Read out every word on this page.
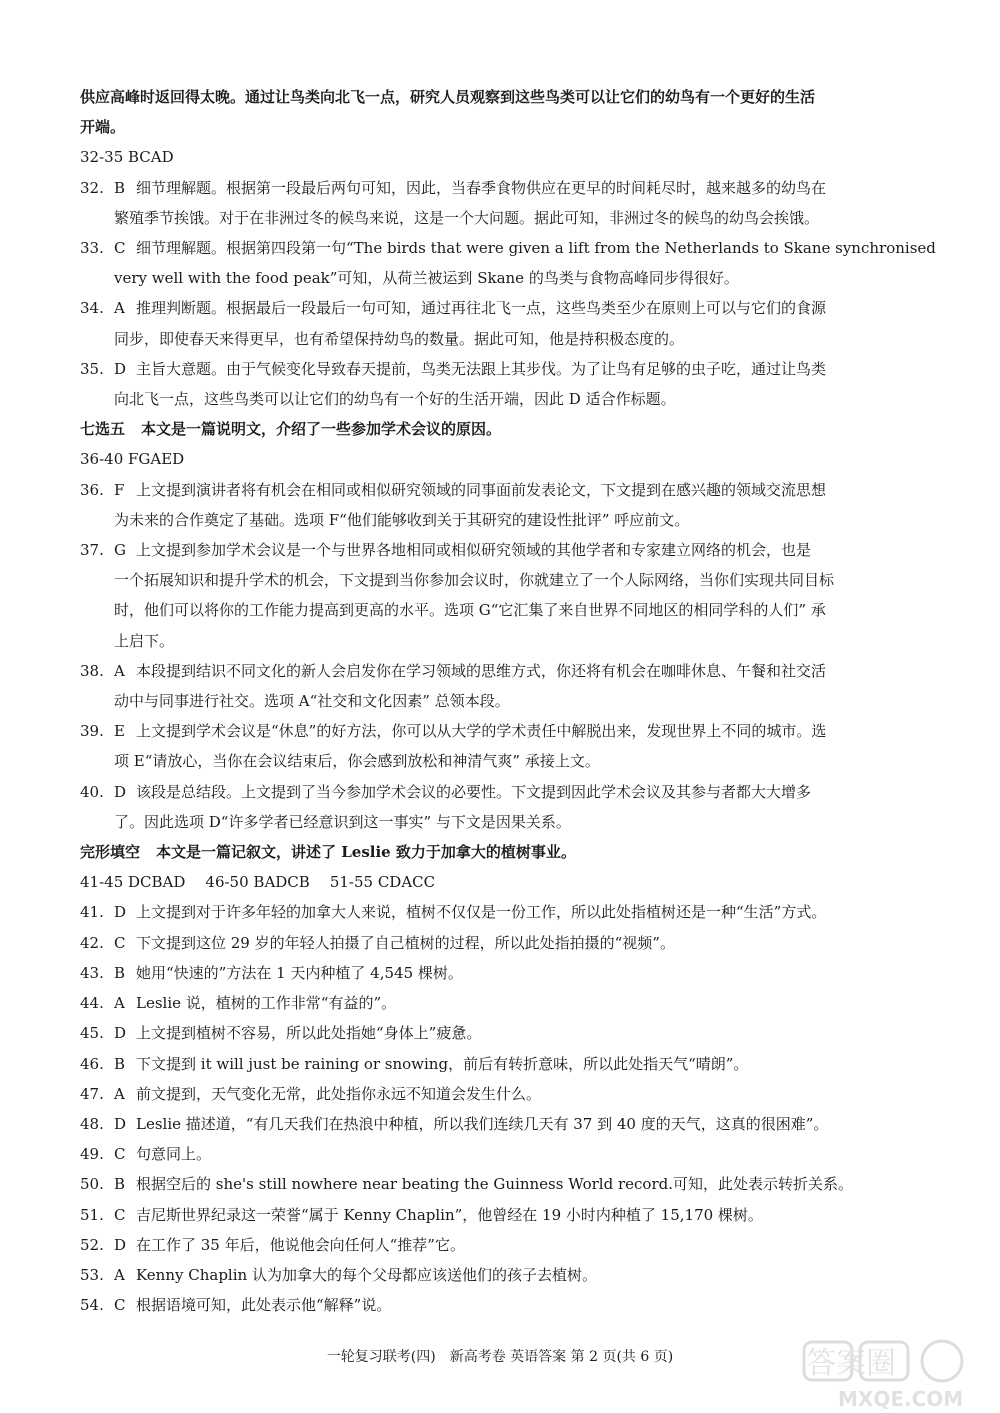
供应高峰时返回得太晚。通过让鸟类向北飞一点，研究人员观察到这些鸟类可以让它们的幼鸟有一个更好的生活
开端。
32-35 BCAD
32. B 细节理解题。根据第一段最后两句可知，因此，当春季食物供应在更早的时间耗尽时，越来越多的幼鸟在
繁殖季节挨饿。对于在非洲过冬的候鸟来说，这是一个大问题。据此可知，非洲过冬的候鸟的幼鸟会挨饿。
33. C 细节理解题。根据第四段第一句“The birds that were given a lift from the Netherlands to Skane synchronised
very well with the food peak”可知，从荷兰被运到 Skane 的鸟类与食物高峰同步得很好。
34. A 推理判断题。根据最后一段最后一句可知，通过再往北飞一点，这些鸟类至少在原则上可以与它们的食源
同步，即使春天来得更早，也有希望保持幼鸟的数量。据此可知，他是持积极态度的。
35. D 主旨大意题。由于气候变化导致春天提前，鸟类无法跟上其步伐。为了让鸟有足够的虫子吃，通过让鸟类
向北飞一点，这些鸟类可以让它们的幼鸟有一个好的生活开端，因此 D 适合作标题。
七选五 本文是一篇说明文，介绍了一些参加学术会议的原因。
36-40 FGAED
36. F 上文提到演讲者将有机会在相同或相似研究领域的同事面前发表论文，下文提到在感兴趣的领域交流思想
为未来的合作奠定了基础。选项 F“他们能够收到关于其研究的建设性批评” 呼应前文。
37. G 上文提到参加学术会议是一个与世界各地相同或相似研究领域的其他学者和专家建立网络的机会，也是
一个拓展知识和提升学术的机会，下文提到当你参加会议时，你就建立了一个人际网络，当你们实现共同目标
时，他们可以将你的工作能力提高到更高的水平。选项 G“它汇集了来自世界不同地区的相同学科的人们” 承
上启下。
38. A 本段提到结识不同文化的新人会启发你在学习领域的思维方式，你还将有机会在咖啡休息、午餐和社交活
动中与同事进行社交。选项 A“社交和文化因素” 总领本段。
39. E 上文提到学术会议是“休息”的好方法，你可以从大学的学术责任中解脱出来，发现世界上不同的城市。选
项 E“请放心，当你在会议结束后，你会感到放松和神清气爽” 承接上文。
40. D 该段是总结段。上文提到了当今参加学术会议的必要性。下文提到因此学术会议及其参与者都大大增多
了。因此选项 D“许多学者已经意识到这一事实” 与下文是因果关系。
完形填空 本文是一篇记叙文，讲述了 Leslie 致力于加拿大的植树事业。
41-45 DCBAD 46-50 BADCB 51-55 CDACC
41. D 上文提到对于许多年轻的加拿大人来说，植树不仅仅是一份工作，所以此处指植树还是一种“生活”方式。
42. C 下文提到这位 29 岁的年轻人拍摄了自己植树的过程，所以此处指拍摄的“视频”。
43. B 她用“快速的”方法在 1 天内种植了 4,545 棵树。
44. A Leslie 说，植树的工作非常“有益的”。
45. D 上文提到植树不容易，所以此处指她“身体上”疲惫。
46. B 下文提到 it will just be raining or snowing，前后有转折意味，所以此处指天气“晴朗”。
47. A 前文提到，天气变化无常，此处指你永远不知道会发生什么。
48. D Leslie 描述道，“有几天我们在热浪中种植，所以我们连续几天有 37 到 40 度的天气，这真的很困难”。
49. C 句意同上。
50. B 根据空后的 she's still nowhere near beating the Guinness World record.可知，此处表示转折关系。
51. C 吉尼斯世界纪录这一荣誉“属于 Kenny Chaplin”，他曾经在 19 小时内种植了 15,170 棵树。
52. D 在工作了 35 年后，他说他会向任何人“推荐”它。
53. A Kenny Chaplin 认为加拿大的每个父母都应该送他们的孩子去植树。
54. C 根据语境可知，此处表示他“解释”说。
一轮复习联考(四)　新高考卷 英语答案 第 2 页(共 6 页)	答案圈
MXQE.COM
